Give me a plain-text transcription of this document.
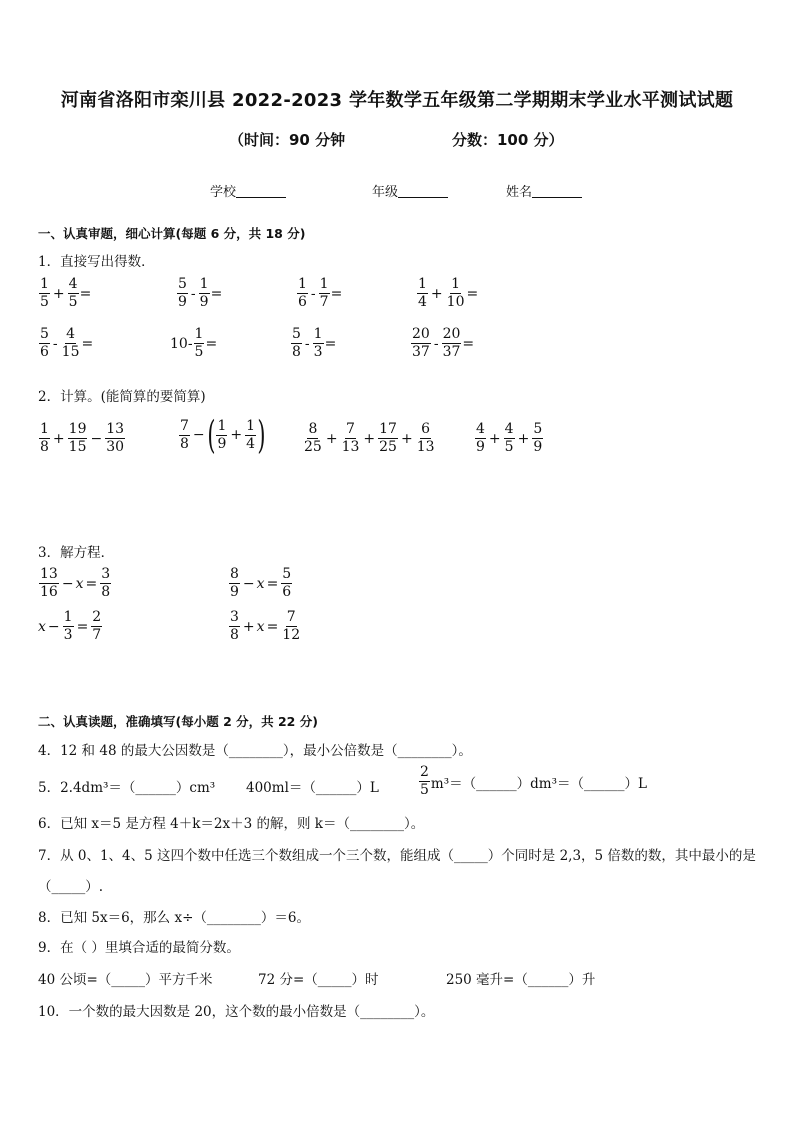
河南省洛阳市栾川县 2022-2023 学年数学五年级第二学期期末学业水平测试试题
（时间：90 分钟	分数：100 分）
学校	年级	姓名
一、认真审题，细心计算(每题 6 分，共 18 分)
1．直接写出得数．
1
5
+ $\frac{4}{5}$ =
5
9
- $\frac{1}{9}$ =
1
6
- $\frac{1}{7}$ =
1
4
+ $\frac{1}{10}$ =
5
6
- $\frac{4}{15}$ =	$10- \frac{1}{5}$ =
5
8
- $\frac{1}{3}$ =
20
37
- $\frac{20}{37}$ =
2．计算。(能简算的要简算)
1
8
+ $\frac{19}{15} - \frac{13}{30}$	7
8
− ( 1
9
+ $\frac{1}{4}$ )	8
25
+ $\frac{7}{13} + \frac{17}{25} + \frac{6}{13}$	4
9
+ $\frac{4}{5} + \frac{5}{9}$
3．解方程．
13
16
− $x = \frac{3}{8}$	8
9
− $x = \frac{5}{6}$
$x - \frac{1}{3} = \frac{2}{7}$	3
8
+ $x = \frac{7}{12}$
二、认真读题，准确填写(每小题 2 分，共 22 分)
4．12 和 48 的最大公因数是（________），最小公倍数是（________）。
5．2.4dm³＝（______）cm³ 400ml＝（______）L
2
5 m³＝（______）dm³＝（______）L
6．已知 x＝5 是方程 4＋k＝2x＋3 的解，则 k＝（________）。
7．从 0、1、4、5 这四个数中任选三个数组成一个三个数，能组成（_____）个同时是 2,3，5 倍数的数，其中最小的是
（_____）.
8．已知 5x＝6，那么 x÷（________）＝6。
9．在（ ）里填合适的最简分数。
40 公顷=（_____）平方千米	72 分=（_____）时	250 毫升=（______）升
10．一个数的最大因数是 20，这个数的最小倍数是（________）。
